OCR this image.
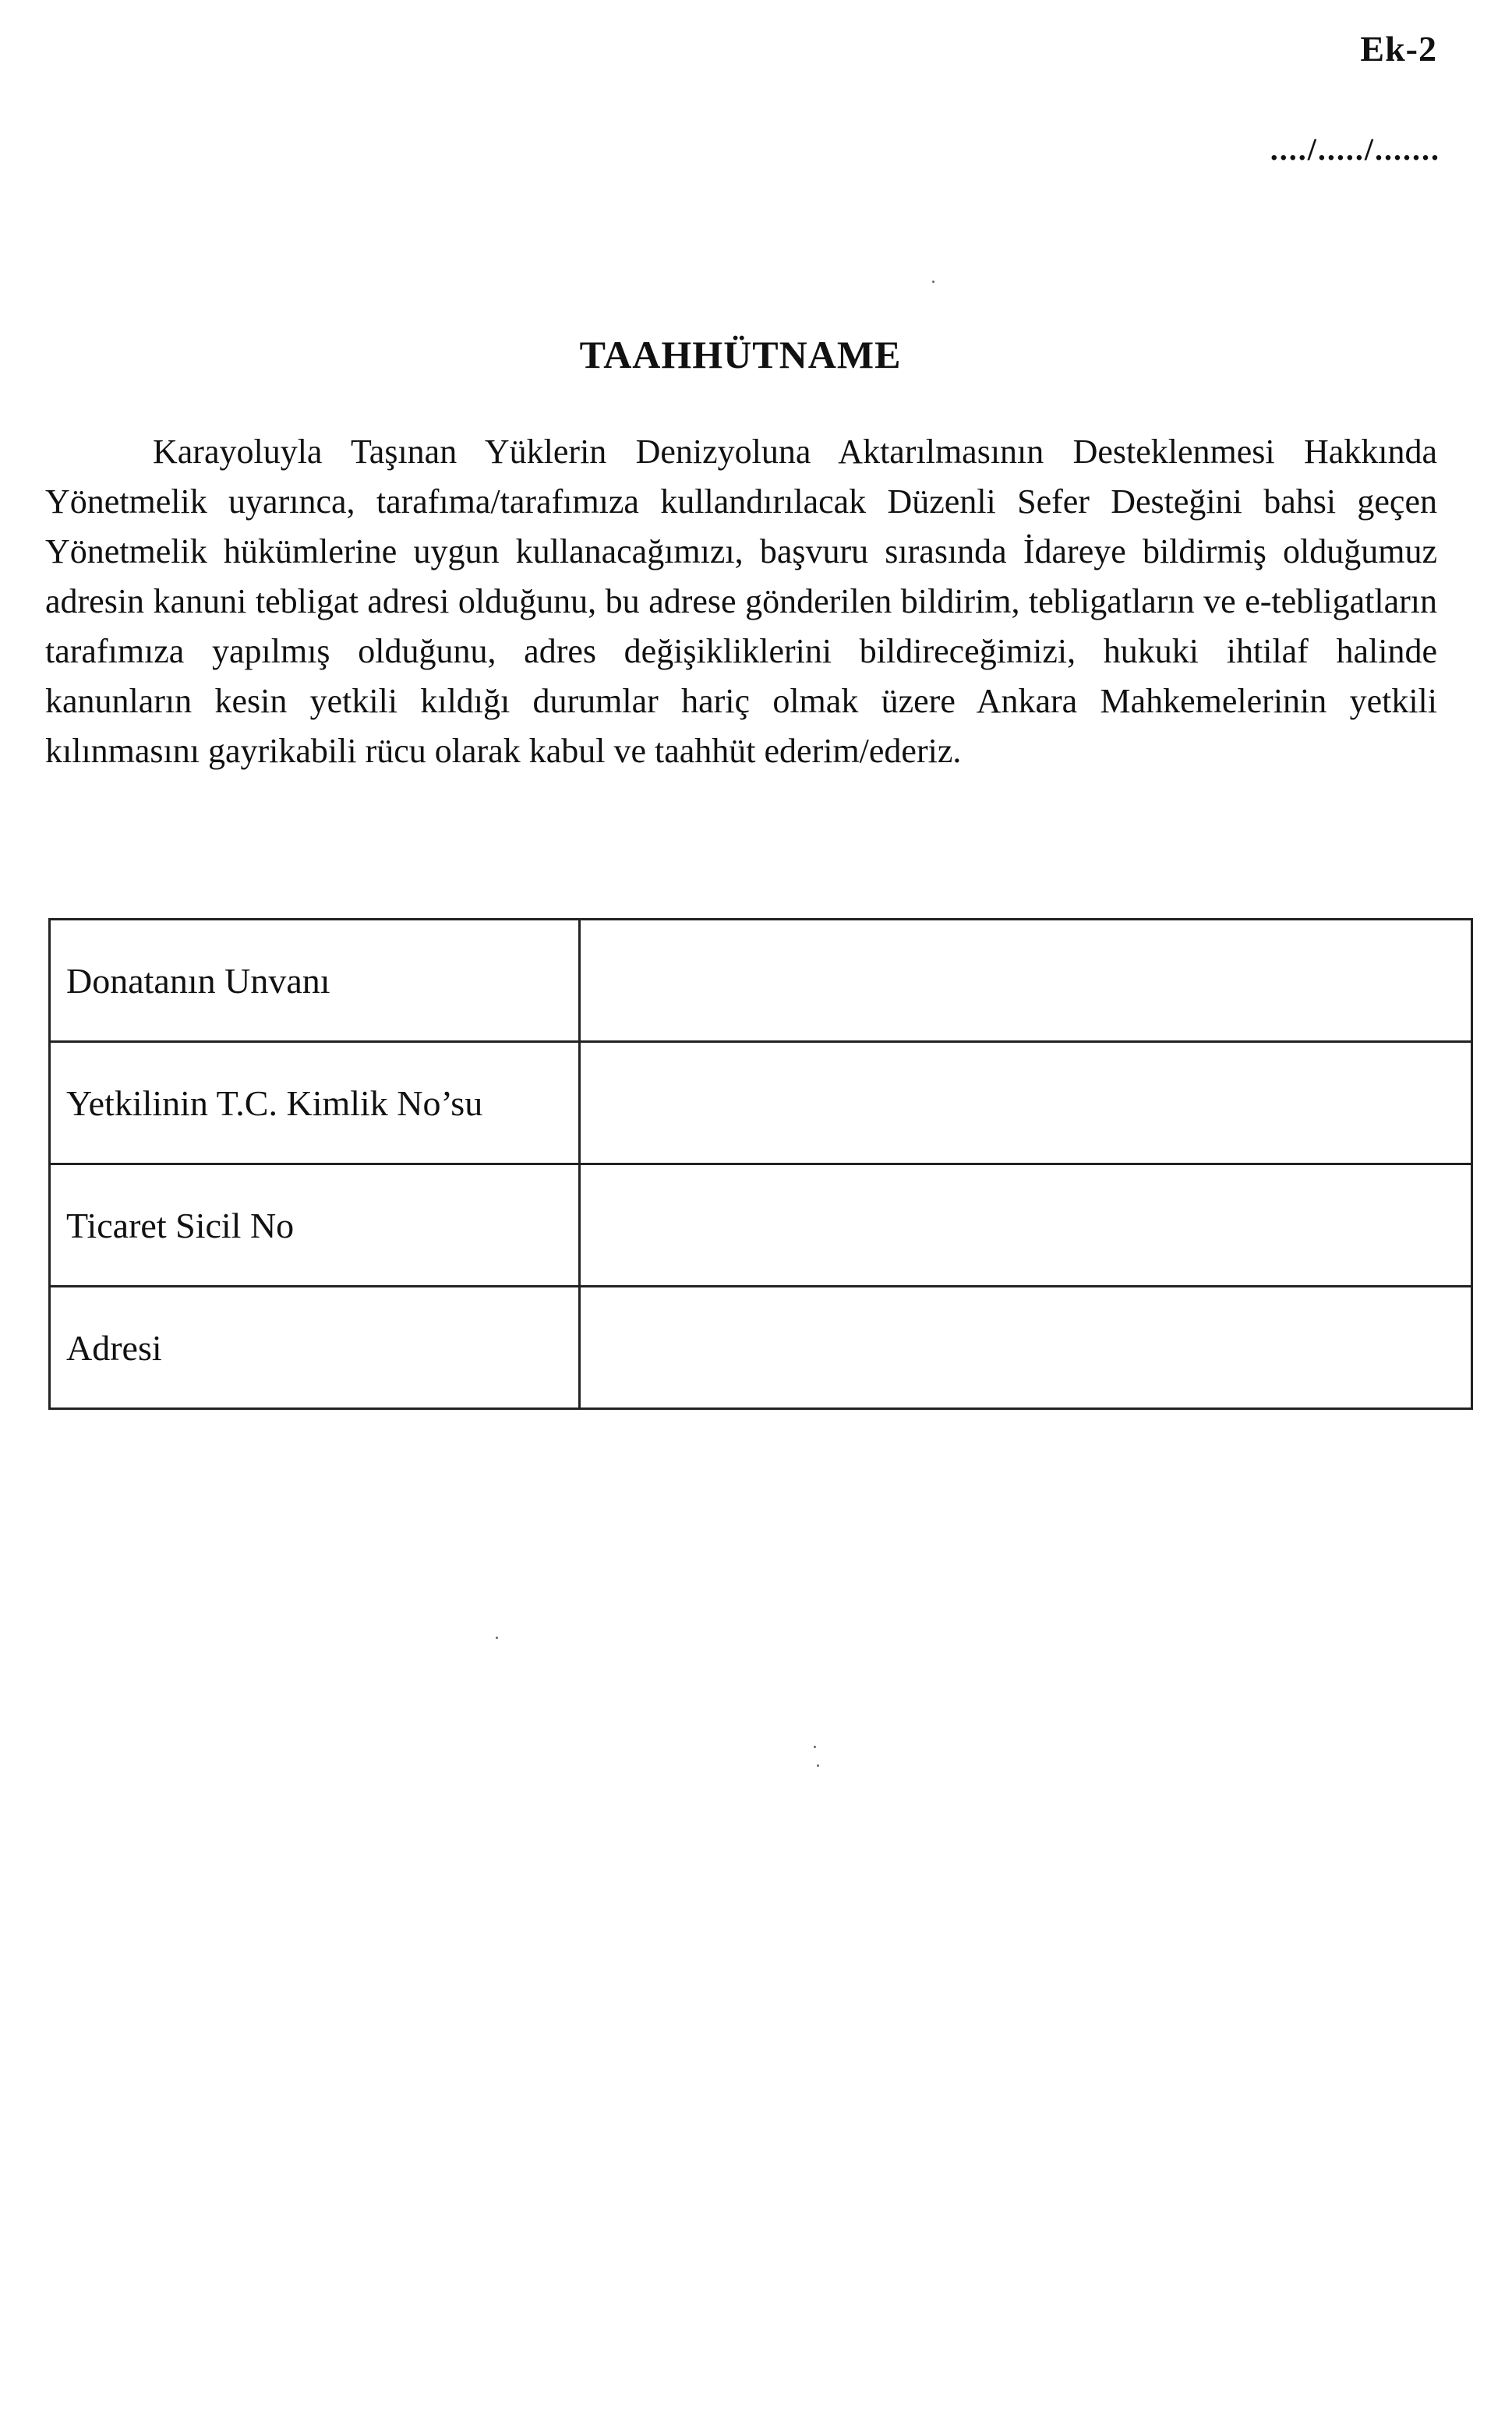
Ek-2
..../...../.......
TAAHHÜTNAME

Karayoluyla Taşınan Yüklerin Denizyoluna Aktarılmasının Desteklenmesi Hakkında Yönetmelik uyarınca, tarafıma/tarafımıza kullandırılacak Düzenli Sefer Desteğini bahsi geçen Yönetmelik hükümlerine uygun kullanacağımızı, başvuru sırasında İdareye bildirmiş olduğumuz adresin kanuni tebligat adresi olduğunu, bu adrese gönderilen bildirim, tebligatların ve e-tebligatların tarafımıza yapılmış olduğunu, adres değişikliklerini bildireceğimizi, hukuki ihtilaf halinde kanunların kesin yetkili kıldığı durumlar hariç olmak üzere Ankara Mahkemelerinin yetkili kılınmasını gayrikabili rücu olarak kabul ve taahhüt ederim/ederiz.

Donatanın Unvanı	
Yetkilinin T.C. Kimlik No’su	
Ticaret Sicil No	
Adresi	
